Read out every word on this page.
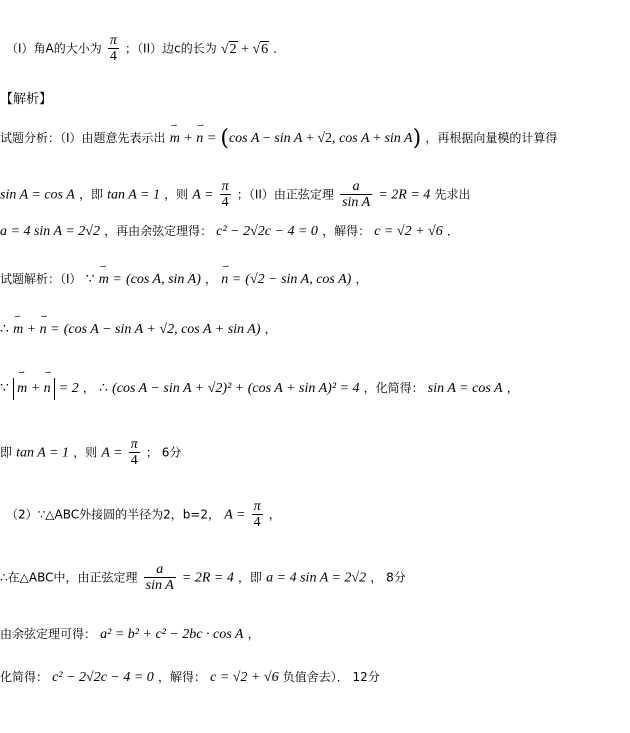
（I）角A的大小为 $\frac{\pi}{4}$ ；（II）边c的长为 √2 + √6 ．
【解析】
试题分析：（I）由题意先表示出 m
⇀
+ n
⇀
= (cos A − sin A + √2, cos A + sin A) ，再根据向量模的计算得
sin A = cos A ，即 tan A = 1 ，则 $A = \frac{\pi}{4}$ ；（II）由正弦定理 $\frac{a}{\text{sin A}} = 2R = 4$ 先求出
a = 4 sin A = 2√2 ，再由余弦定理得： c² − 2√2c − 4 = 0 ，解得： c = √2 + √6 ．
试题解析：（Ⅰ） ∵ m
⇀
= (cos A, sin A) ， n
⇀
= (√2 − sin A, cos A) ，
∴ m
⇀
+ n
⇀
= (cos A − sin A + √2, cos A + sin A) ，
∵ m
⇀
+ n
⇀
= 2 ， ∴ (cos A − sin A + √2)² + (cos A + sin A)² = 4 ，化简得： sin A = cos A ，
即 tan A = 1 ，则 $A = \frac{\pi}{4}$ ； 6分
（2）∵△ABC外接圆的半径为2，b=2， $A = \frac{\pi}{4}$ ，
∴在△ABC中，由正弦定理 $\frac{a}{\text{sin A}} = 2R = 4$ ，即 a = 4 sin A = 2√2 ， 8分
由余弦定理可得： a² = b² + c² − 2bc · cos A ，
化简得： c² − 2√2c − 4 = 0 ，解得： c = √2 + √6 负值舍去）． 12分
